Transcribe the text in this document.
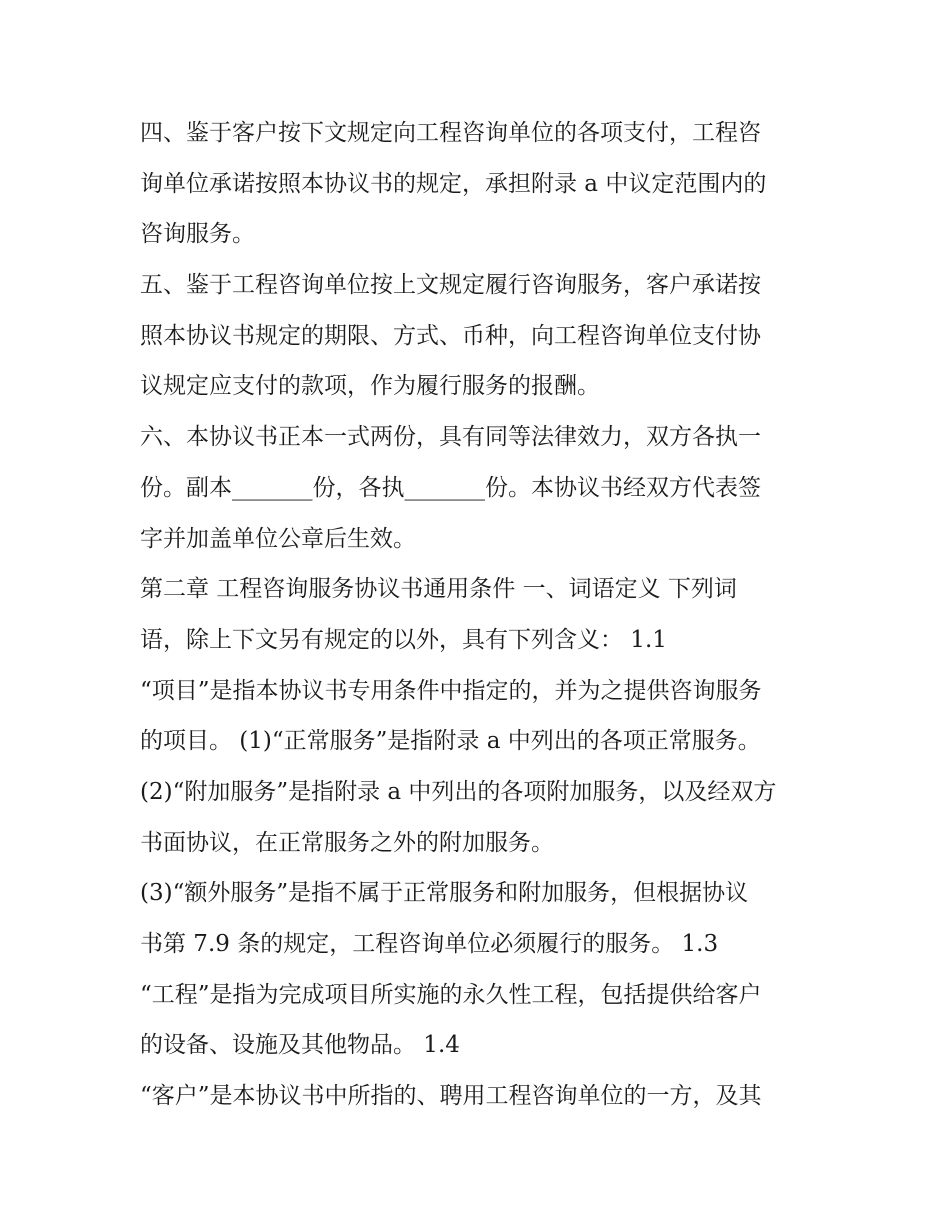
四、鉴于客户按下文规定向工程咨询单位的各项支付，工程咨
询单位承诺按照本协议书的规定，承担附录 a 中议定范围内的
咨询服务。
五、鉴于工程咨询单位按上文规定履行咨询服务，客户承诺按
照本协议书规定的期限、方式、币种，向工程咨询单位支付协
议规定应支付的款项，作为履行服务的报酬。
六、本协议书正本一式两份，具有同等法律效力，双方各执一
份。副本_______份，各执_______份。本协议书经双方代表签
字并加盖单位公章后生效。
第二章 工程咨询服务协议书通用条件 一、词语定义 下列词
语，除上下文另有规定的以外，具有下列含义： 1.1
“项目”是指本协议书专用条件中指定的，并为之提供咨询服务
的项目。 (1)“正常服务”是指附录 a 中列出的各项正常服务。
(2)“附加服务”是指附录 a 中列出的各项附加服务，以及经双方
书面协议，在正常服务之外的附加服务。
(3)“额外服务”是指不属于正常服务和附加服务，但根据协议
书第 7.9 条的规定，工程咨询单位必须履行的服务。 1.3
“工程”是指为完成项目所实施的永久性工程，包括提供给客户
的设备、设施及其他物品。 1.4
“客户”是本协议书中所指的、聘用工程咨询单位的一方，及其
